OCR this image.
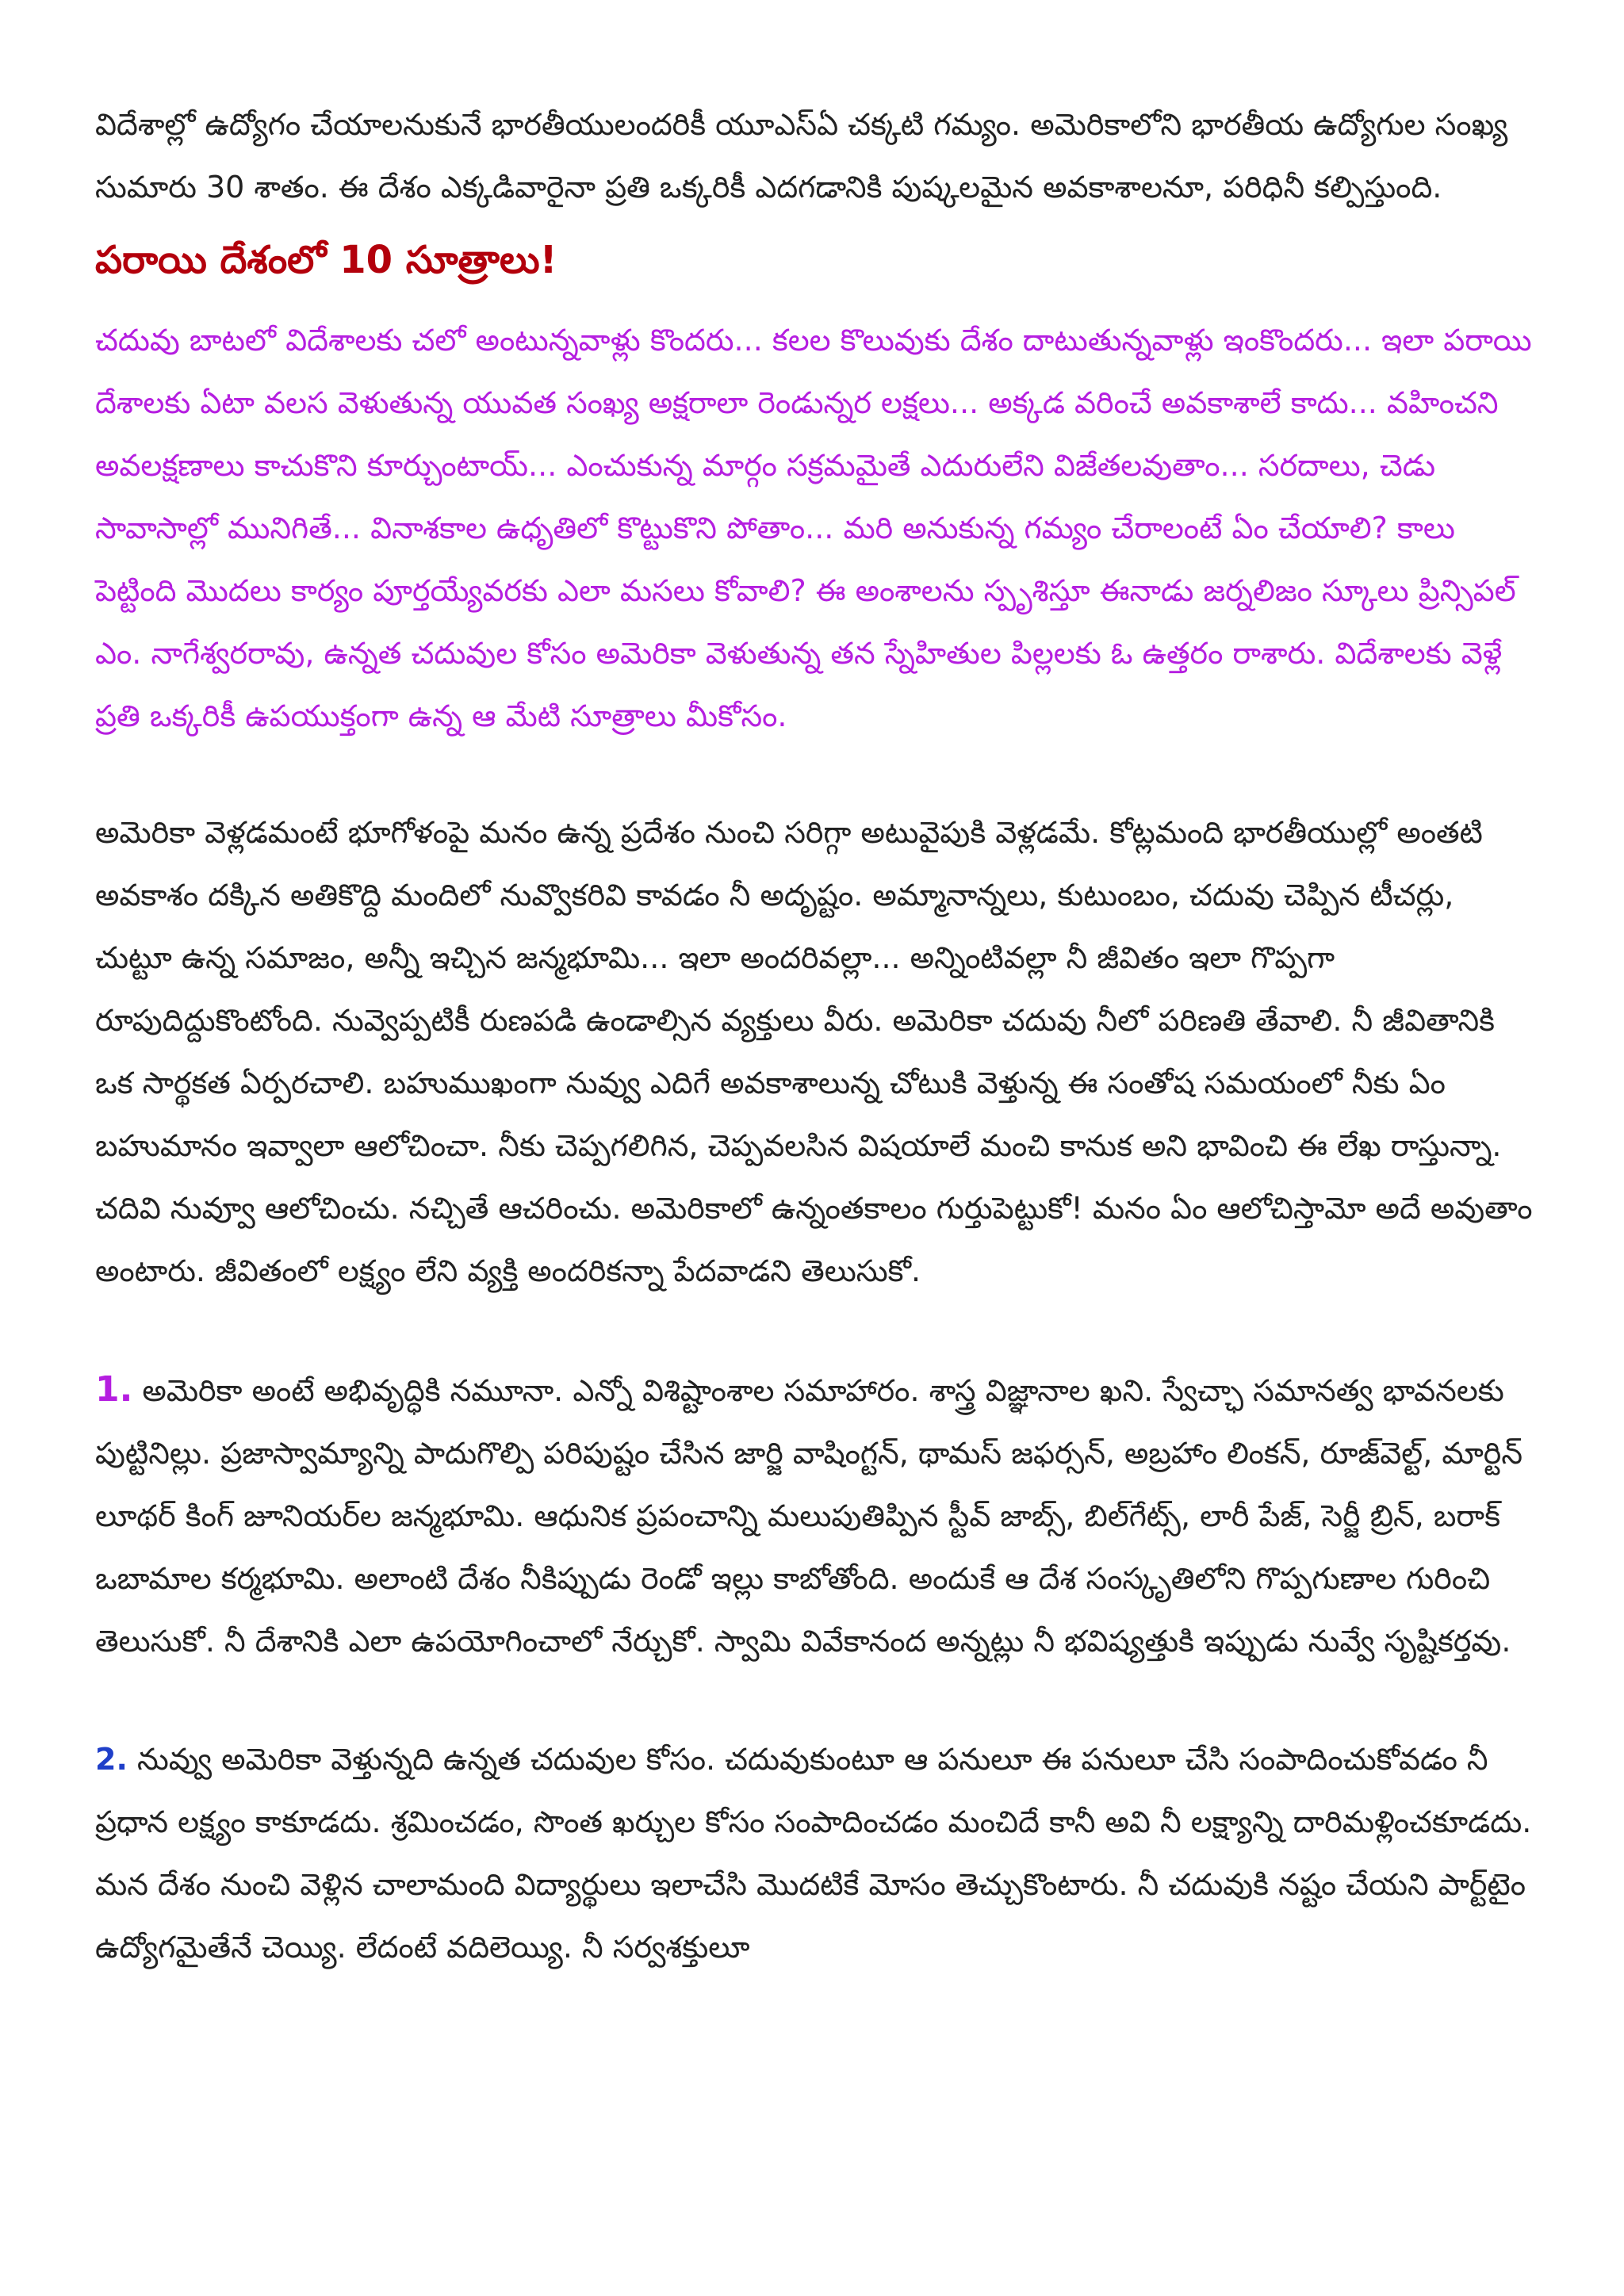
విదేశాల్లో ఉద్యోగం చేయాలనుకునే భారతీయులందరికీ యూఎస్‌ఏ చక్కటి గమ్యం. అమెరికాలోని భారతీయ ఉద్యోగుల సంఖ్య సుమారు 30 శాతం. ఈ దేశం ఎక్కడివారైనా ప్రతి ఒక్కరికీ ఎదగడానికి పుష్కలమైన అవకాశాలనూ, పరిధినీ కల్పిస్తుంది.

పరాయి దేశంలో 10 సూత్రాలు!

చదువు బాటలో విదేశాలకు చలో అంటున్నవాళ్లు కొందరు... కలల కొలువుకు దేశం దాటుతున్నవాళ్లు ఇంకొందరు... ఇలా పరాయి దేశాలకు ఏటా వలస వెళుతున్న యువత సంఖ్య అక్షరాలా రెండున్నర లక్షలు... అక్కడ వరించే అవకాశాలే కాదు... వహించని అవలక్షణాలు కాచుకొని కూర్చుంటాయ్‌... ఎంచుకున్న మార్గం సక్రమమైతే ఎదురులేని విజేతలవుతాం... సరదాలు, చెడు సావాసాల్లో మునిగితే... వినాశకాల ఉధృతిలో కొట్టుకొని పోతాం... మరి అనుకున్న గమ్యం చేరాలంటే ఏం చేయాలి? కాలు పెట్టింది మొదలు కార్యం పూర్తయ్యేవరకు ఎలా మసలు కోవాలి? ఈ అంశాలను స్పృశిస్తూ ఈనాడు జర్నలిజం స్కూలు ప్రిన్సిపల్‌ ఎం. నాగేశ్వరరావు, ఉన్నత చదువుల కోసం అమెరికా వెళుతున్న తన స్నేహితుల పిల్లలకు ఓ ఉత్తరం రాశారు. విదేశాలకు వెళ్లే ప్రతి ఒక్కరికీ ఉపయుక్తంగా ఉన్న ఆ మేటి సూత్రాలు మీకోసం.

అమెరికా వెళ్లడమంటే భూగోళంపై మనం ఉన్న ప్రదేశం నుంచి సరిగ్గా అటువైపుకి వెళ్లడమే. కోట్లమంది భారతీయుల్లో అంతటి అవకాశం దక్కిన అతికొద్ది మందిలో నువ్వొకరివి కావడం నీ అదృష్టం. అమ్మానాన్నలు, కుటుంబం, చదువు చెప్పిన టీచర్లు, చుట్టూ ఉన్న సమాజం, అన్నీ ఇచ్చిన జన్మభూమి... ఇలా అందరివల్లా... అన్నింటివల్లా నీ జీవితం ఇలా గొప్పగా రూపుదిద్దుకొంటోంది. నువ్వెప్పటికీ రుణపడి ఉండాల్సిన వ్యక్తులు వీరు. అమెరికా చదువు నీలో పరిణతి తేవాలి. నీ జీవితానికి ఒక సార్థకత ఏర్పరచాలి. బహుముఖంగా నువ్వు ఎదిగే అవకాశాలున్న చోటుకి వెళ్తున్న ఈ సంతోష సమయంలో నీకు ఏం బహుమానం ఇవ్వాలా ఆలోచించా. నీకు చెప్పగలిగిన, చెప్పవలసిన విషయాలే మంచి కానుక అని భావించి ఈ లేఖ రాస్తున్నా. చదివి నువ్వూ ఆలోచించు. నచ్చితే ఆచరించు. అమెరికాలో ఉన్నంతకాలం గుర్తుపెట్టుకో! మనం ఏం ఆలోచిస్తామో అదే అవుతాం అంటారు. జీవితంలో లక్ష్యం లేని వ్యక్తి అందరికన్నా పేదవాడని తెలుసుకో.

1. అమెరికా అంటే అభివృద్ధికి నమూనా. ఎన్నో విశిష్టాంశాల సమాహారం. శాస్త్ర విజ్ఞానాల ఖని. స్వేచ్ఛా సమానత్వ భావనలకు పుట్టినిల్లు. ప్రజాస్వామ్యాన్ని పాదుగొల్పి పరిపుష్టం చేసిన జార్జి వాషింగ్టన్‌, థామస్‌ జఫర్సన్‌, అబ్రహాం లింకన్‌, రూజ్‌వెల్ట్‌, మార్టిన్‌ లూథర్‌ కింగ్‌ జూనియర్‌ల జన్మభూమి. ఆధునిక ప్రపంచాన్ని మలుపుతిప్పిన స్టీవ్‌ జాబ్స్‌, బిల్‌గేట్స్‌, లారీ పేజ్‌, సెర్జీ బ్రిన్‌, బరాక్‌ ఒబామాల కర్మభూమి. అలాంటి దేశం నీకిప్పుడు రెండో ఇల్లు కాబోతోంది. అందుకే ఆ దేశ సంస్కృతిలోని గొప్పగుణాల గురించి తెలుసుకో. నీ దేశానికి ఎలా ఉపయోగించాలో నేర్చుకో. స్వామి వివేకానంద అన్నట్లు నీ భవిష్యత్తుకి ఇప్పుడు నువ్వే సృష్టికర్తవు.

2. నువ్వు అమెరికా వెళ్తున్నది ఉన్నత చదువుల కోసం. చదువుకుంటూ ఆ పనులూ ఈ పనులూ చేసి సంపాదించుకోవడం నీ ప్రధాన లక్ష్యం కాకూడదు. శ్రమించడం, సొంత ఖర్చుల కోసం సంపాదించడం మంచిదే కానీ అవి నీ లక్ష్యాన్ని దారిమళ్లించకూడదు. మన దేశం నుంచి వెళ్లిన చాలామంది విద్యార్థులు ఇలాచేసి మొదటికే మోసం తెచ్చుకొంటారు. నీ చదువుకి నష్టం చేయని పార్ట్‌టైం ఉద్యోగమైతేనే చెయ్యి. లేదంటే వదిలెయ్యి. నీ సర్వశక్తులూ
